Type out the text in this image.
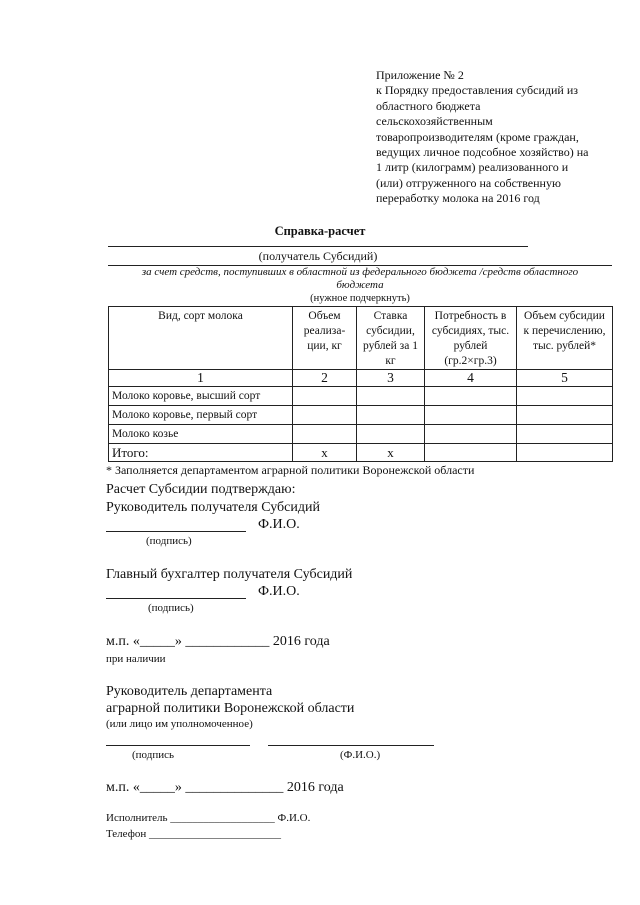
Приложение № 2
к Порядку предоставления субсидий из
областного бюджета
сельскохозяйственным
товаропроизводителям (кроме граждан,
ведущих личное подсобное хозяйство) на
1 литр (килограмм) реализованного и
(или) отгруженного на собственную
переработку молока на 2016 год
Справка-расчет
(получатель Субсидий)
за счет средств, поступивших в областной из федерального бюджета /средств областного
бюджета
(нужное подчеркнуть)
Вид, сорт молока	Объем реализа-ции, кг	Ставка субсидии, рублей за 1 кг	Потребность в субсидиях, тыс. рублей (гр.2×гр.3)	Объем субсидии к перечислению, тыс. рублей*
1	2	3	4	5
Молоко коровье, высший сорт				
Молоко коровье, первый сорт				
Молоко козье				
Итого:	x	x		
* Заполняется департаментом аграрной политики Воронежской области
Расчет Субсидии подтверждаю:
Руководитель получателя Субсидий
Ф.И.О.
(подпись)
Главный бухгалтер получателя Субсидий
Ф.И.О.
(подпись)
м.п. «_____» ____________ 2016 года
при наличии
Руководитель департамента
аграрной политики Воронежской области
(или лицо им уполномоченное)
(подпись	(Ф.И.О.)
м.п. «_____» ______________ 2016 года
Исполнитель ___________________ Ф.И.О.
Телефон ________________________
